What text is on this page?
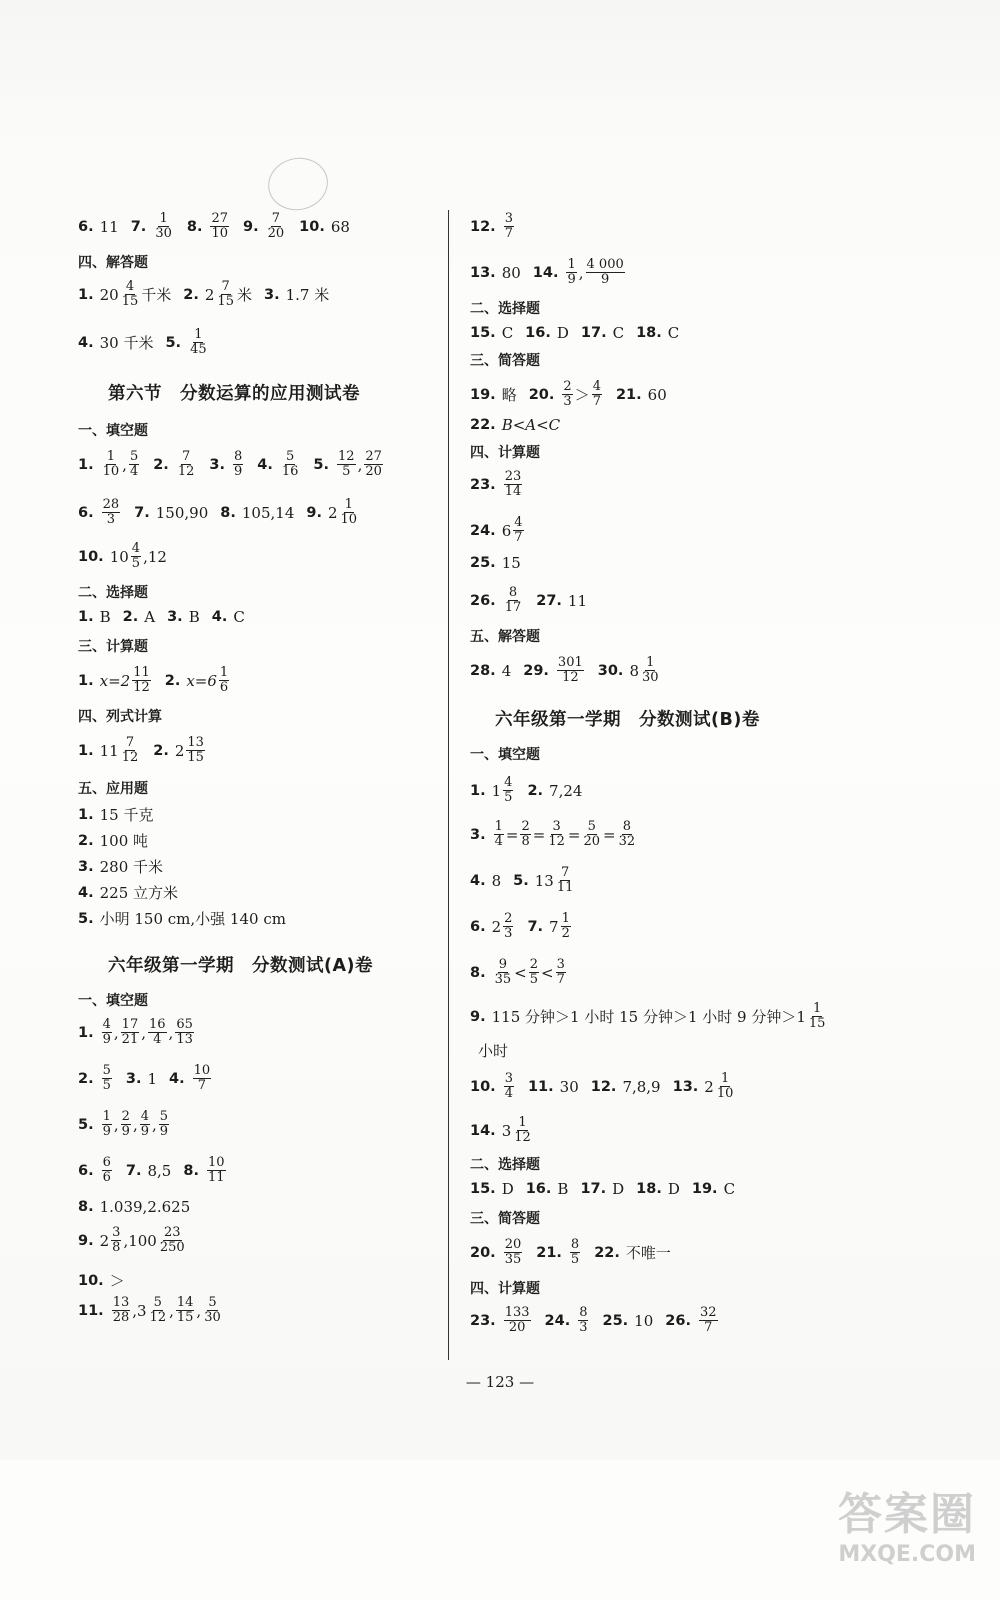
6. 11 7. $\frac{1}{30} 8$. $\frac{27}{10} 9$. $\frac{7}{20} 10$. 68
四、解答题
1. $20 \frac{4}{15}$ 千米 2. $2 \frac{7}{15}$ 米 3. 1.7 米
4. 30 千米 5. $\frac{1}{45}$
第六节　分数运算的应用测试卷
一、填空题
1. $\frac{1}{10}$ , $\frac{5}{4} 2$. $\frac{7}{12} 3$. $\frac{8}{9} 4$. $\frac{5}{16} 5$. $\frac{12}{5}$ , $\frac{27}{20}$
6. $\frac{28}{3} 7$. 150,90 8. 105,14 9. $2 \frac{1}{10}$
10. $10 \frac{4}{5} ,12$
二、选择题
1. B 2. A 3. B 4. C
三、计算题
1. $x=2 \frac{11}{12} 2$. $x=6 \frac{1}{6}$
四、列式计算
1. $11 \frac{7}{12} 2$. $2 \frac{13}{15}$
五、应用题
1. 15 千克
2. 100 吨
3. 280 千米
4. 225 立方米
5. 小明 150 cm,小强 140 cm
六年级第一学期　分数测试(A)卷
一、填空题
1. $\frac{4}{9}$ , $\frac{17}{21}$ , $\frac{16}{4}$ , $\frac{65}{13}$
2. $\frac{5}{5} 3$. 1 4. $\frac{10}{7}$
5. $\frac{1}{9}$ , $\frac{2}{9}$ , $\frac{4}{9}$ , $\frac{5}{9}$
6. $\frac{6}{6} 7$. 8,5 8. $\frac{10}{11}$
8. 1.039,2.625
9. $2 \frac{3}{8} ,100 \frac{23}{250}$
10. ＞
11. $\frac{13}{28} ,3 \frac{5}{12}$ , $\frac{14}{15}$ , $\frac{5}{30}$
12. $\frac{3}{7}$
13. 80 14. $\frac{1}{9}$ , $\frac{4 000}{9}$
二、选择题
15. C 16. D 17. C 18. C
三、简答题
19. 略 20. $\frac{2}{3} > \frac{4}{7} 21$. 60
22. B<A<C
四、计算题
23. $\frac{23}{14}$
24. $6 \frac{4}{7}$
25. 15
26. $\frac{8}{17} 27$. 11
五、解答题
28. 4 29. $\frac{301}{12} 30$. $8 \frac{1}{30}$
六年级第一学期　分数测试(B)卷
一、填空题
1. $1 \frac{4}{5} 2$. 7,24
3. $\frac{1}{4} = \frac{2}{8} = \frac{3}{12} = \frac{5}{20} = \frac{8}{32}$
4. 8 5. $13 \frac{7}{11}$
6. $2 \frac{2}{3} 7$. $7 \frac{1}{2}$
8. $\frac{9}{35} < \frac{2}{5} < \frac{3}{7}$
9. 115 分钟＞1 小时 15 分钟＞1 小时 9 分钟$>1 \frac{1}{15}$
小时
10. $\frac{3}{4} 11$. 30 12. 7,8,9 13. $2 \frac{1}{10}$
14. $3 \frac{1}{12}$
二、选择题
15. D 16. B 17. D 18. D 19. C
三、简答题
20. $\frac{20}{35} 21$. $\frac{8}{5} 22$. 不唯一
四、计算题
23. $\frac{133}{20} 24$. $\frac{8}{3} 25$. 10 26. $\frac{32}{7}$
— 123 —
答案圈
MXQE.COM
